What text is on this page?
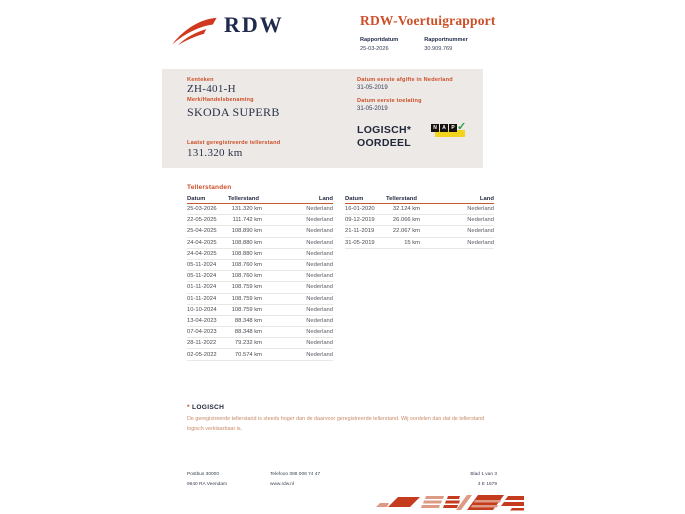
RDW	RDW-Voertuigrapport
Rapportdatum
25-03-2026
Rapportnummer
30.909.769
Kenteken
ZH-401-H
Merk/Handelsbenaming
SKODA SUPERB
Laatst geregistreerde tellerstand
131.320 km
Datum eerste afgifte in Nederland
31-05-2019
Datum eerste toelating
31-05-2019
LOGISCH*
OORDEEL
N	A	P ✓
Tellerstanden
Datum	Tellerstand	Land
25-03-2026	131.320 km	Nederland
22-05-2025	111.742 km	Nederland
25-04-2025	108.890 km	Nederland
24-04-2025	108.880 km	Nederland
24-04-2025	108.880 km	Nederland
05-11-2024	108.760 km	Nederland
05-11-2024	108.760 km	Nederland
01-11-2024	108.759 km	Nederland
01-11-2024	108.759 km	Nederland
10-10-2024	108.759 km	Nederland
13-04-2023	88.348 km	Nederland
07-04-2023	88.348 km	Nederland
28-11-2022	79.232 km	Nederland
02-05-2022	70.574 km	Nederland
Datum	Tellerstand	Land
16-01-2020	32.124 km	Nederland
09-12-2019	26.066 km	Nederland
21-11-2019	22.067 km	Nederland
31-05-2019	15 km	Nederland
* LOGISCH
De geregistreerde tellerstand is steeds hoger dan de daarvoor geregistreerde tellerstand. Wij oordelen dan dat de tellerstand logisch verklaarbaar is.
Postbus 30000
9640 RA Veendam
Telefoon 088 008 74 47
www.rdw.nl
Blad 1 van 3
3 E 1679
